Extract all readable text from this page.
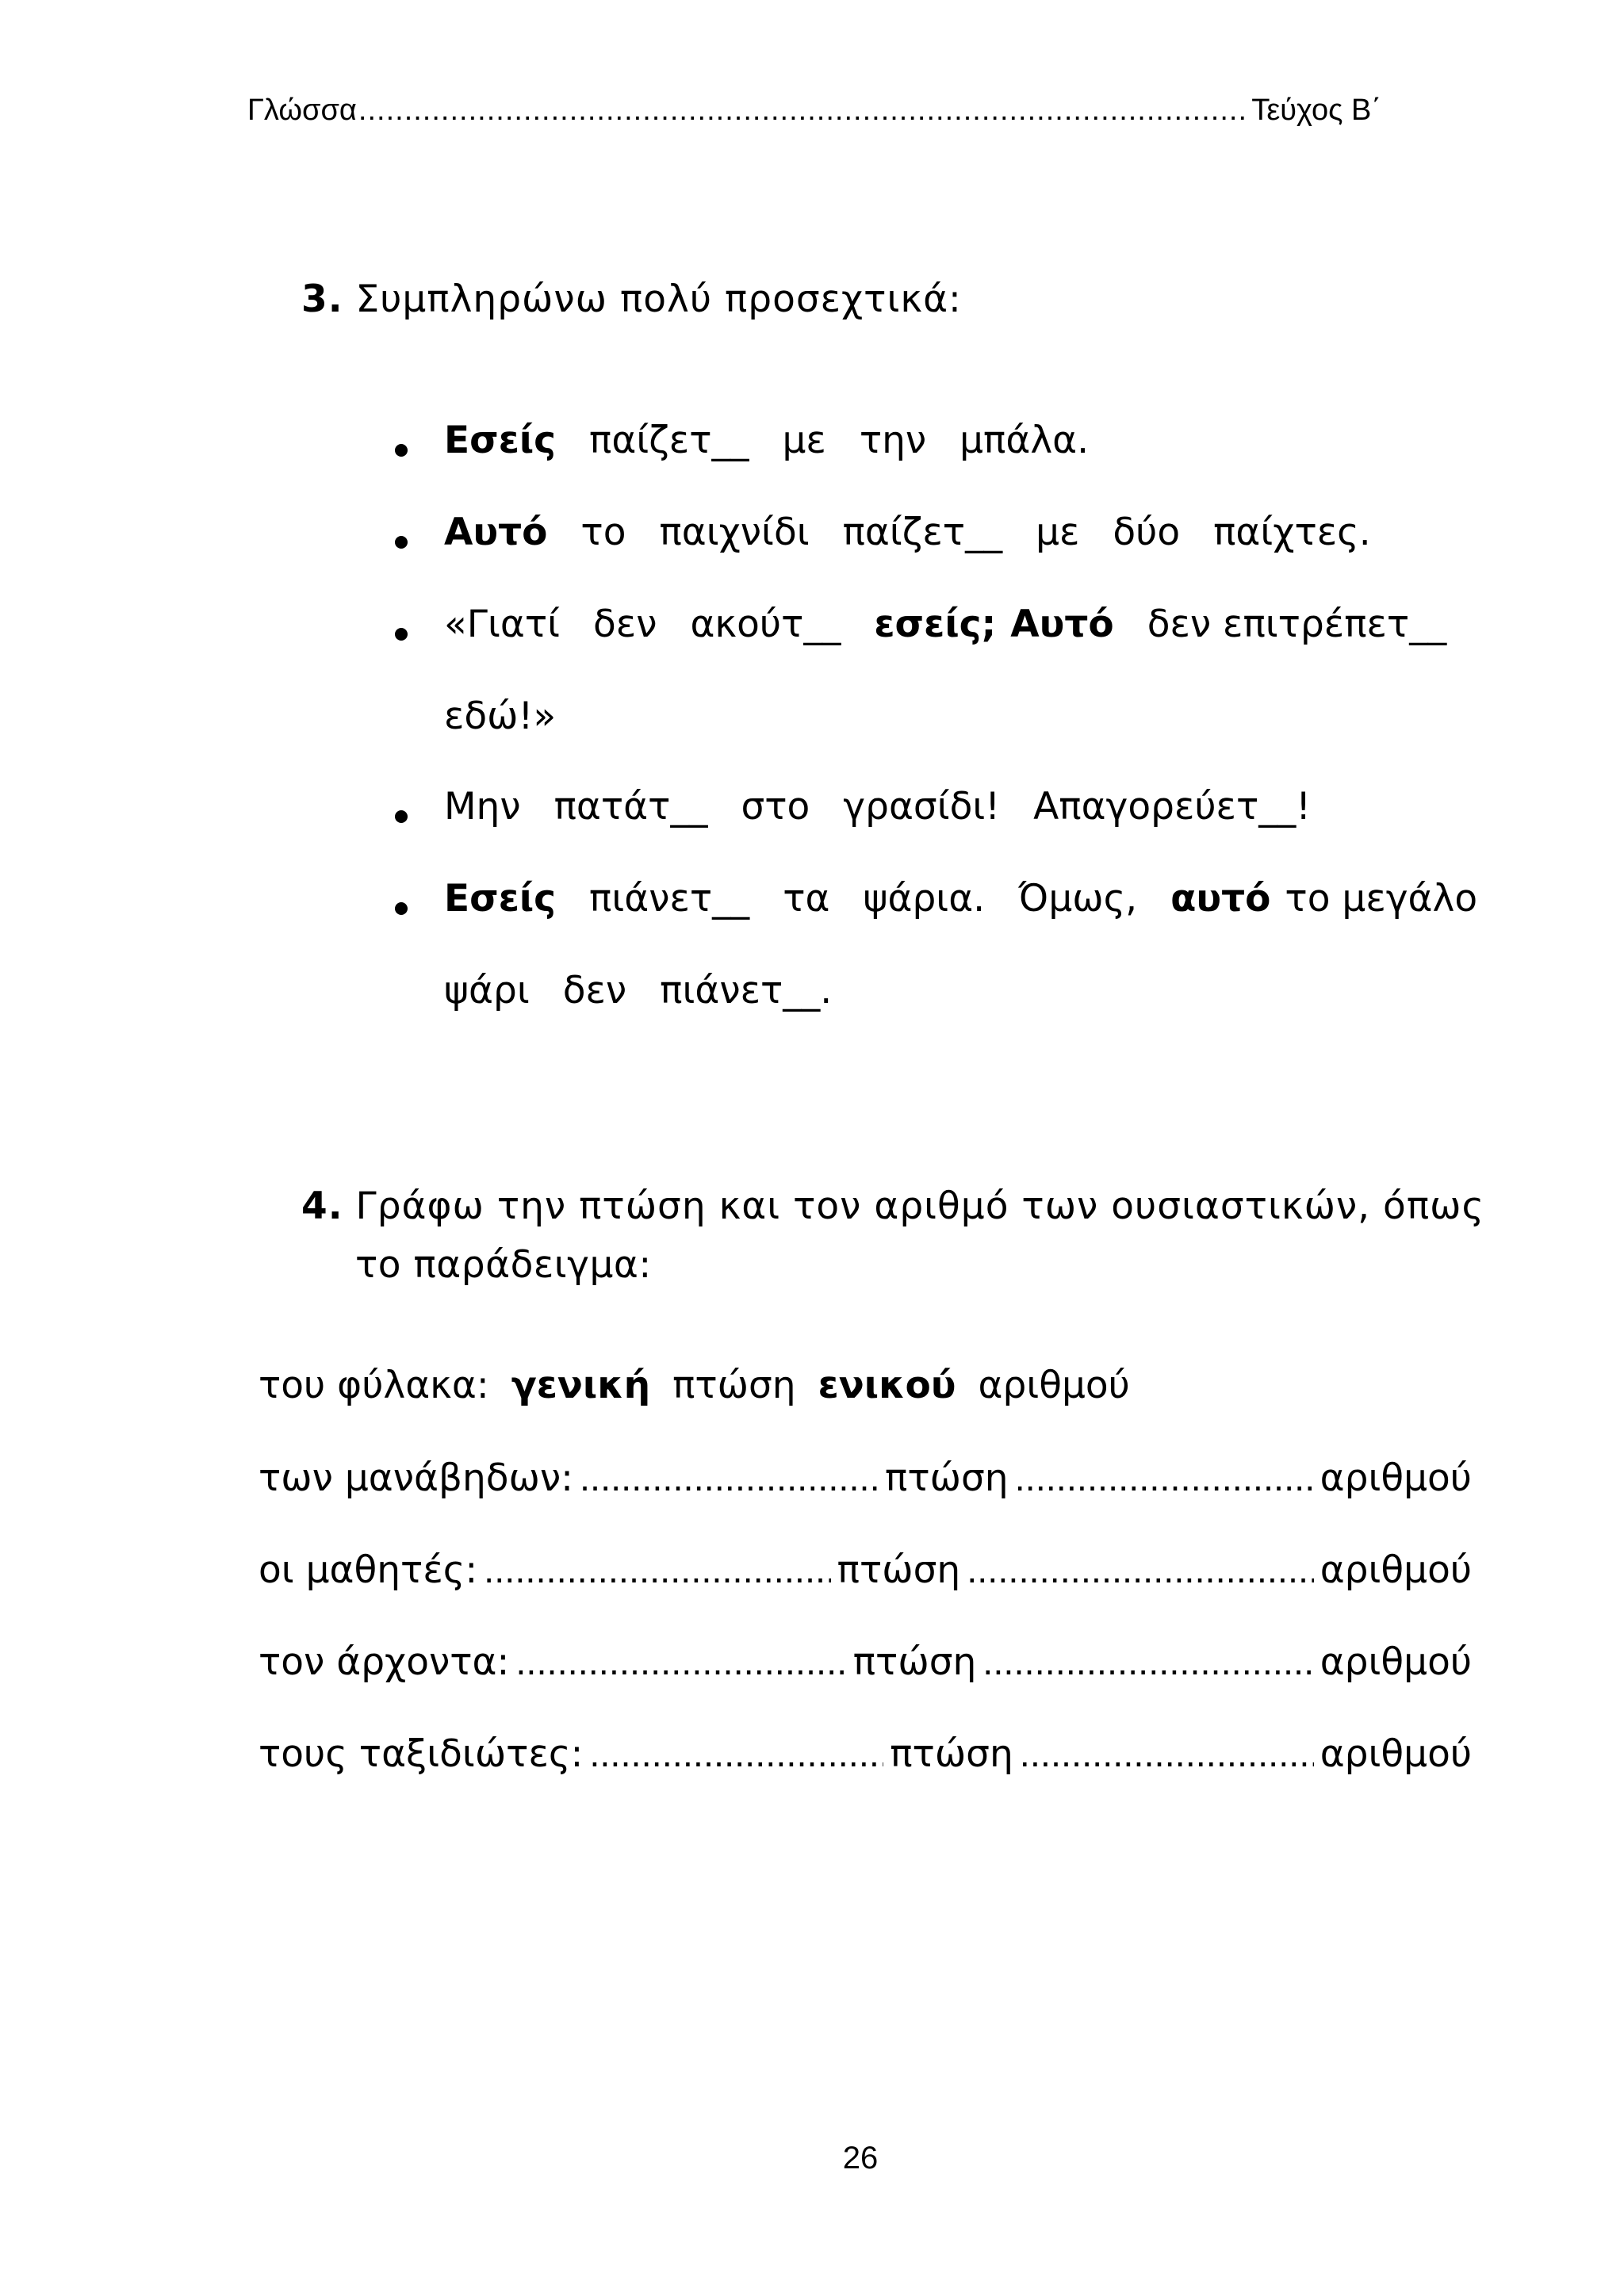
Γλώσσα .....	Τεύχος Β΄
3. Συμπληρώνω πολύ προσεχτικά:
Εσείς παίζετ__ με την μπάλα.
Αυτό το παιχνίδι παίζετ__ με δύο παίχτες.
«Γιατί δεν ακούτ__ εσείς; Αυτό δεν επιτρέπετ__
εδώ!»
Μην πατάτ__ στο γρασίδι! Απαγορεύετ__!
Εσείς πιάνετ__ τα ψάρια. Όμως, αυτό το μεγάλο
ψάρι δεν πιάνετ__.
4. Γράφω την πτώση και τον αριθμό των ουσιαστικών, όπως
το παράδειγμα:
του φύλακα: γενική πτώση ενικού αριθμού
των μανάβηδων: .....	πτώση .....	αριθμού
οι μαθητές: .....	πτώση .....	αριθμού
τον άρχοντα: .....	πτώση .....	αριθμού
τους ταξιδιώτες: .....	πτώση .....	αριθμού
26
